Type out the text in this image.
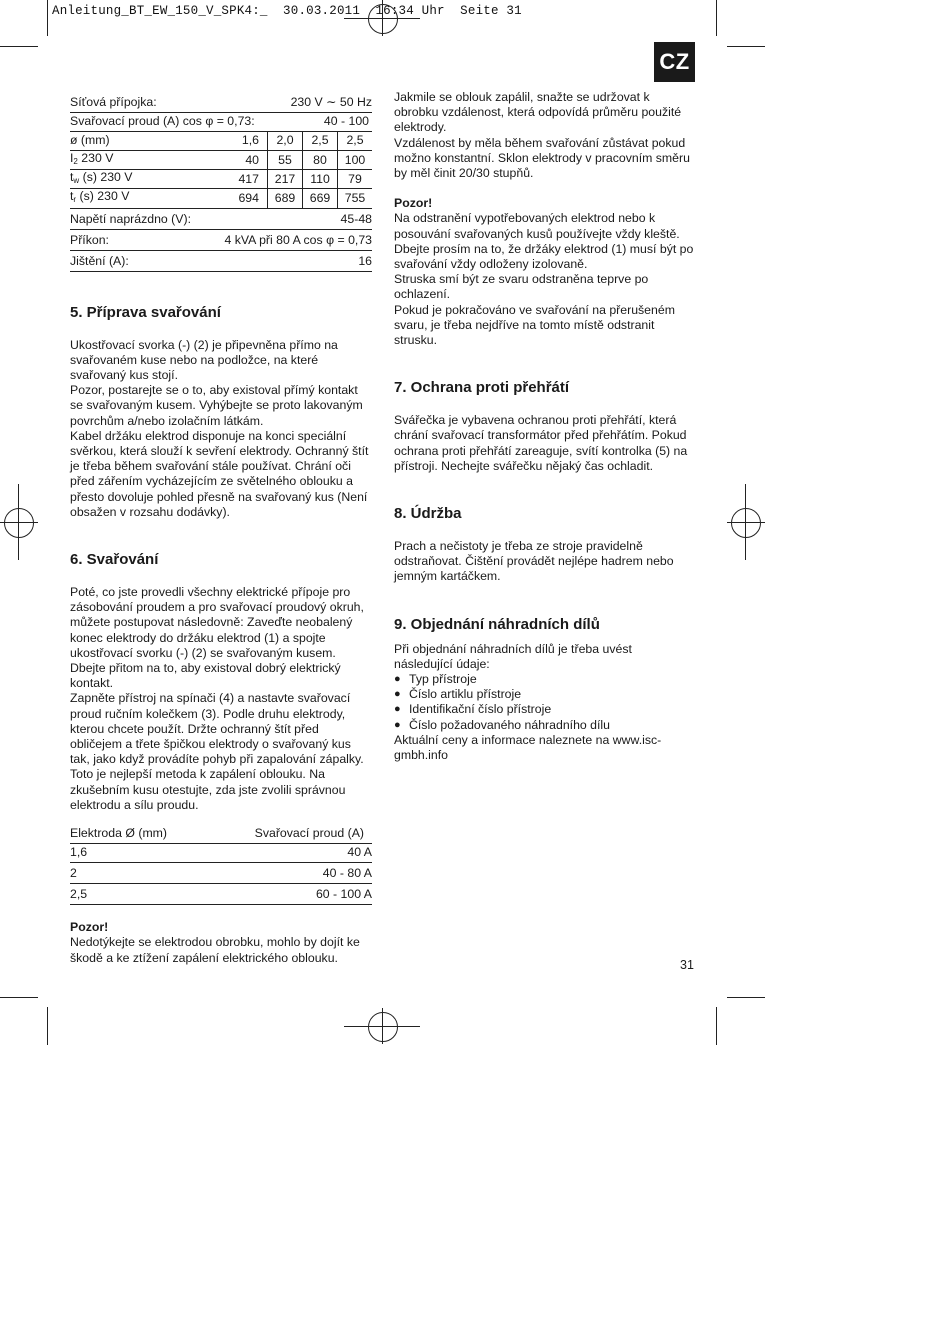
Anleitung_BT_EW_150_V_SPK4:_  30.03.2011  16:34 Uhr  Seite 31
CZ
Síťová přípojka:	230 V ∼ 50 Hz
Svařovací proud (A) cos φ = 0,73:	40 - 100
ø (mm)	1,6	2,0	2,5	2,5
$I_2$ 230 V	40	55	80	100
$t_w$ (s) 230 V	417	217	110	79
$t_r$ (s) 230 V	694	689	669	755
Napětí naprázdno (V):	45-48
Příkon:	4 kVA při 80 A cos φ = 0,73
Jištění (A):	16
5. Příprava svařování

Ukostřovací svorka (-) (2) je připevněna přímo na svařovaném kuse nebo na podložce, na které svařovaný kus stojí.

Pozor, postarejte se o to, aby existoval přímý kontakt se svařovaným kusem. Vyhýbejte se proto lakovaným povrchům a/nebo izolačním látkám.

Kabel držáku elektrod disponuje na konci speciální svěrkou, která slouží k sevření elektrody. Ochranný štít je třeba během svařování stále používat. Chrání oči před zářením vycházejícím ze světelného oblouku a přesto dovoluje pohled přesně na svařovaný kus (Není obsažen v rozsahu dodávky).

6. Svařování

Poté, co jste provedli všechny elektrické přípoje pro zásobování proudem a pro svařovací proudový okruh, můžete postupovat následovně: Zaveďte neobalený konec elektrody do držáku elektrod (1) a spojte ukostřovací svorku (-) (2) se svařovaným kusem. Dbejte přitom na to, aby existoval dobrý elektrický kontakt.

Zapněte přístroj na spínači (4) a nastavte svařovací proud ručním kolečkem (3). Podle druhu elektrody, kterou chcete použít. Držte ochranný štít před obličejem a třete špičkou elektrody o svařovaný kus tak, jako když provádíte pohyb při zapalování zápalky. Toto je nejlepší metoda k zapálení oblouku. Na zkušebním kusu otestujte, zda jste zvolili správnou elektrodu a sílu proudu.

Elektroda Ø (mm)	Svařovací proud (A)
1,6	40 A
2	40 - 80 A
2,5	60 - 100 A

Pozor!

Nedotýkejte se elektrodou obrobku, mohlo by dojít ke škodě a ke ztížení zapálení elektrického oblouku.

Jakmile se oblouk zapálil, snažte se udržovat k obrobku vzdálenost, která odpovídá průměru použité elektrody.

Vzdálenost by měla během svařování zůstávat pokud možno konstantní. Sklon elektrody v pracovním směru by měl činit 20/30 stupňů.

Pozor!

Na odstranění vypotřebovaných elektrod nebo k posouvání svařovaných kusů používejte vždy kleště. Dbejte prosím na to, že držáky elektrod (1) musí být po svařování vždy odloženy izolovaně.

Struska smí být ze svaru odstraněna teprve po ochlazení.

Pokud je pokračováno ve svařování na přerušeném svaru, je třeba nejdříve na tomto místě odstranit strusku.

7. Ochrana proti přehřátí

Svářečka je vybavena ochranou proti přehřátí, která chrání svařovací transformátor před přehřátím. Pokud ochrana proti přehřátí zareaguje, svítí kontrolka (5) na přístroji. Nechejte svářečku nějaký čas ochladit.

8. Údržba

Prach a nečistoty je třeba ze stroje pravidelně odstraňovat. Čištění provádět nejlépe hadrem nebo jemným kartáčkem.

9. Objednání náhradních dílů

Při objednání náhradních dílů je třeba uvést následující údaje:

● Typ přístroje
● Číslo artiklu přístroje
● Identifikační číslo přístroje
● Číslo požadovaného náhradního dílu

Aktuální ceny a informace naleznete na www.isc-gmbh.info

31
